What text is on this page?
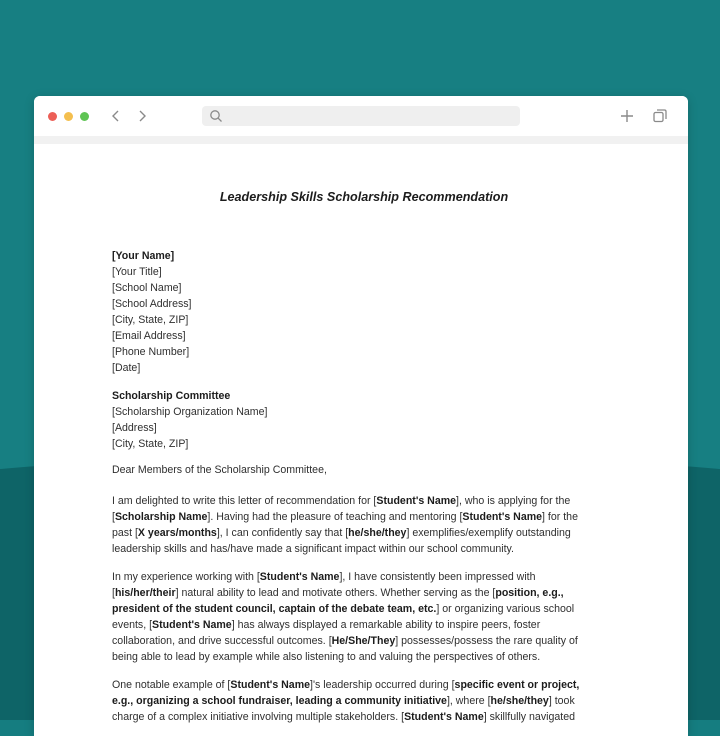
Leadership Skills Scholarship Recommendation
[Your Name]
[Your Title]
[School Name]
[School Address]
[City, State, ZIP]
[Email Address]
[Phone Number]
[Date]
Scholarship Committee
[Scholarship Organization Name]
[Address]
[City, State, ZIP]
Dear Members of the Scholarship Committee,
I am delighted to write this letter of recommendation for [Student's Name], who is applying for the
[Scholarship Name]. Having had the pleasure of teaching and mentoring [Student's Name] for the
past [X years/months], I can confidently say that [he/she/they] exemplifies/exemplify outstanding
leadership skills and has/have made a significant impact within our school community.
In my experience working with [Student's Name], I have consistently been impressed with
[his/her/their] natural ability to lead and motivate others. Whether serving as the [position, e.g.,
president of the student council, captain of the debate team, etc.] or organizing various school
events, [Student's Name] has always displayed a remarkable ability to inspire peers, foster
collaboration, and drive successful outcomes. [He/She/They] possesses/possess the rare quality of
being able to lead by example while also listening to and valuing the perspectives of others.
One notable example of [Student's Name]'s leadership occurred during [specific event or project,
e.g., organizing a school fundraiser, leading a community initiative], where [he/she/they] took
charge of a complex initiative involving multiple stakeholders. [Student's Name] skillfully navigated
